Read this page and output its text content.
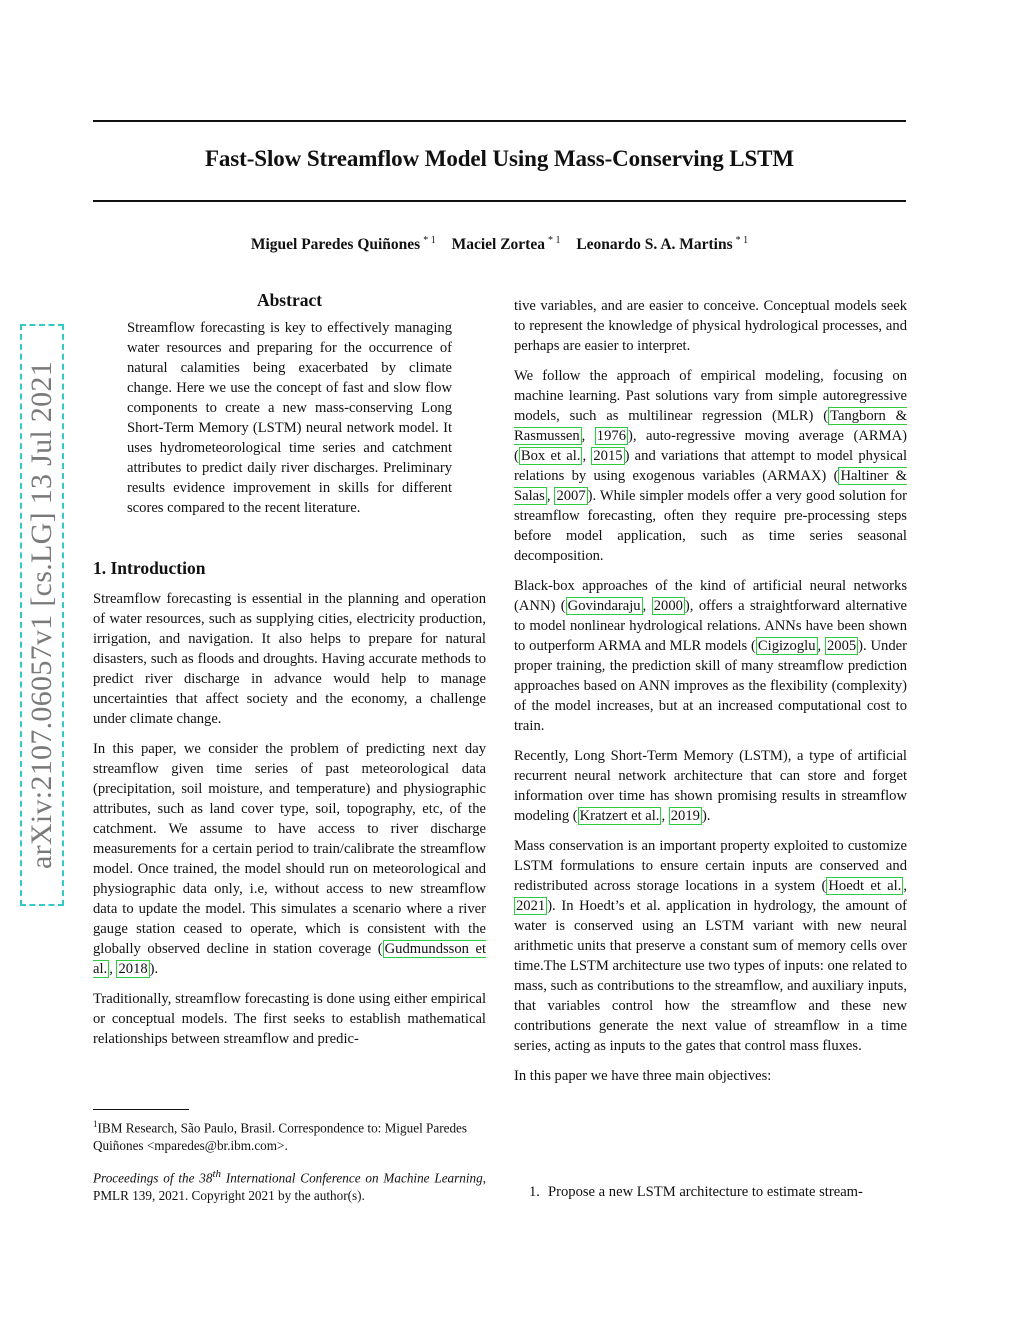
Fast-Slow Streamflow Model Using Mass-Conserving LSTM
Miguel Paredes Quiñones $^{* 1}$ Maciel Zortea $^{* 1}$ Leonardo S. A. Martins $^{* 1}$
arXiv:2107.06057v1 [cs.LG] 13 Jul 2021
Abstract
Streamflow forecasting is key to effectively managing water resources and preparing for the occurrence of natural calamities being exacerbated by climate change. Here we use the concept of fast and slow flow components to create a new mass-conserving Long Short-Term Memory (LSTM) neural network model. It uses hydrometeorological time series and catchment attributes to predict daily river discharges. Preliminary results evidence improvement in skills for different scores compared to the recent literature.
1. Introduction

Streamflow forecasting is essential in the planning and operation of water resources, such as supplying cities, electricity production, irrigation, and navigation. It also helps to prepare for natural disasters, such as floods and droughts. Having accurate methods to predict river discharge in advance would help to manage uncertainties that affect society and the economy, a challenge under climate change.

In this paper, we consider the problem of predicting next day streamflow given time series of past meteorological data (precipitation, soil moisture, and temperature) and physiographic attributes, such as land cover type, soil, topography, etc, of the catchment. We assume to have access to river discharge measurements for a certain period to train/calibrate the streamflow model. Once trained, the model should run on meteorological and physiographic data only, i.e, without access to new streamflow data to update the model. This simulates a scenario where a river gauge station ceased to operate, which is consistent with the globally observed decline in station coverage ( Gudmundsson et al. , 2018 ).

Traditionally, streamflow forecasting is done using either empirical or conceptual models. The first seeks to establish mathematical relationships between streamflow and predic-

tive variables, and are easier to conceive. Conceptual models seek to represent the knowledge of physical hydrological processes, and perhaps are easier to interpret.

We follow the approach of empirical modeling, focusing on machine learning. Past solutions vary from simple autoregressive models, such as multilinear regression (MLR) ( Tangborn & Rasmussen , 1976 ), auto-regressive moving average (ARMA) ( Box et al. , 2015 ) and variations that attempt to model physical relations by using exogenous variables (ARMAX) ( Haltiner & Salas , 2007 ). While simpler models offer a very good solution for streamflow forecasting, often they require pre-processing steps before model application, such as time series seasonal decomposition.

Black-box approaches of the kind of artificial neural networks (ANN) ( Govindaraju , 2000 ), offers a straightforward alternative to model nonlinear hydrological relations. ANNs have been shown to outperform ARMA and MLR models ( Cigizoglu , 2005 ). Under proper training, the prediction skill of many streamflow prediction approaches based on ANN improves as the flexibility (complexity) of the model increases, but at an increased computational cost to train.

Recently, Long Short-Term Memory (LSTM), a type of artificial recurrent neural network architecture that can store and forget information over time has shown promising results in streamflow modeling ( Kratzert et al. , 2019 ).

Mass conservation is an important property exploited to customize LSTM formulations to ensure certain inputs are conserved and redistributed across storage locations in a system ( Hoedt et al. , 2021 ). In Hoedt’s et al. application in hydrology, the amount of water is conserved using an LSTM variant with new neural arithmetic units that preserve a constant sum of memory cells over time.The LSTM architecture use two types of inputs: one related to mass, such as contributions to the streamflow, and auxiliary inputs, that variables control how the streamflow and these new contributions generate the next value of streamflow in a time series, acting as inputs to the gates that control mass fluxes.

In this paper we have three main objectives:

1. Propose a new LSTM architecture to estimate stream-
$^1$IBM Research, São Paulo, Brasil. Correspondence to: Miguel Paredes Quiñones <mparedes@br.ibm.com>.
Proceedings of the 38th International Conference on Machine Learning, PMLR 139, 2021. Copyright 2021 by the author(s).
